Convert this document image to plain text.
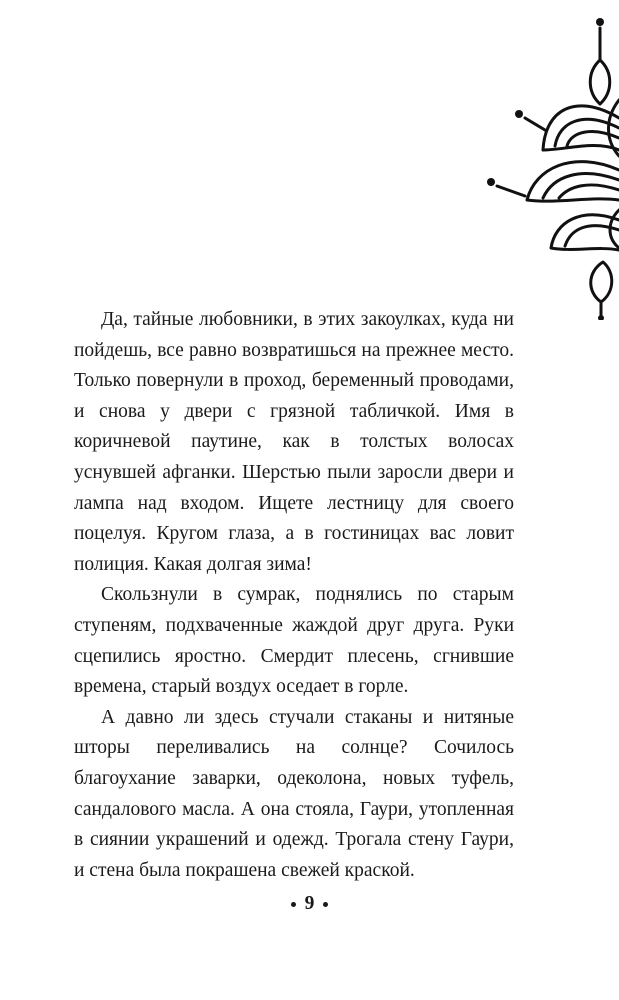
Да, тайные любовники, в этих закоулках, куда ни пойдешь, все равно возвратишься на прежнее место. Только повернули в проход, беременный проводами, и снова у двери с грязной табличкой. Имя в коричневой паутине, как в толстых волосах уснувшей афганки. Шерстью пыли заросли двери и лампа над входом. Ищете лестницу для своего поцелуя. Кругом глаза, а в гостиницах вас ловит полиция. Какая долгая зима!

Скользнули в сумрак, поднялись по старым ступеням, подхваченные жаждой друг друга. Руки сцепились яростно. Смердит плесень, сгнившие времена, старый воздух оседает в горле.

А давно ли здесь стучали стаканы и нитяные шторы переливались на солнце? Сочилось благоухание заварки, одеколона, новых туфель, сандалового масла. А она стояла, Гаури, утопленная в сиянии украшений и одежд. Трогала стену Гаури, и стена была покрашена свежей краской.

9
